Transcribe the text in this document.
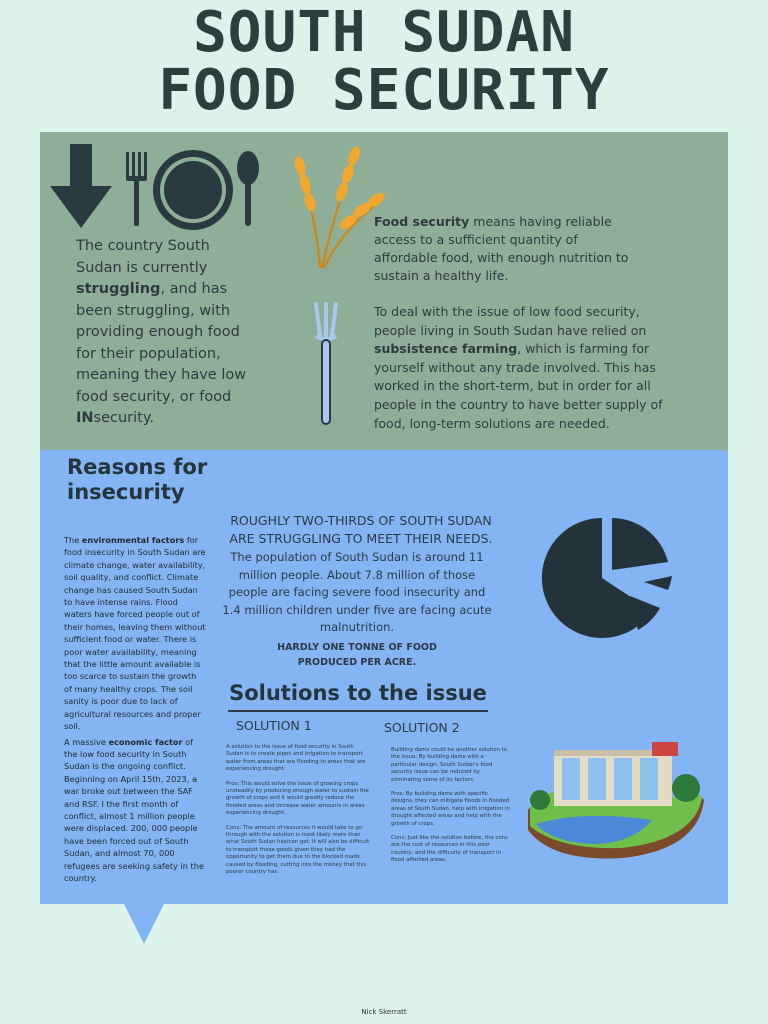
SOUTH SUDAN
FOOD SECURITY
The country South Sudan is currently struggling, and has been struggling, with providing enough food for their population, meaning they have low food security, or food INsecurity.
Food security means having reliable access to a sufficient quantity of affordable food, with enough nutrition to sustain a healthy life.
To deal with the issue of low food security, people living in South Sudan have relied on subsistence farming, which is farming for yourself without any trade involved. This has worked in the short-term, but in order for all people in the country to have better supply of food, long-term solutions are needed.
Reasons for insecurity

The environmental factors for food insecurity in South Sudan are climate change, water availability, soil quality, and conflict. Climate change has caused South Sudan to have intense rains. Flood waters have forced people out of their homes, leaving them without sufficient food or water. There is poor water availability, meaning that the little amount available is too scarce to sustain the growth of many healthy crops. The soil sanity is poor due to lack of agricultural resources and proper soil.

A massive economic factor of the low food security in South Sudan is the ongoing conflict. Beginning on April 15th, 2023, a war broke out between the SAF and RSF. I the first month of conflict, almost 1 million people were displaced. 200, 000 people have been forced out of South Sudan, and almost 70, 000 refugees are seeking safety in the country.

ROUGHLY TWO-THIRDS OF SOUTH SUDAN ARE STRUGGLING TO MEET THEIR NEEDS.
The population of South Sudan is around 11 million people. About 7.8 million of those people are facing severe food insecurity and 1.4 million children under five are facing acute malnutrition.
HARDLY ONE TONNE OF FOOD PRODUCED PER ACRE.
Solutions to the issue
SOLUTION 1	SOLUTION 2

A solution to the issue of food security in South Sudan is to create pipes and irrigation to transport water from areas that are flooding to areas that are experiencing drought.

Pros: This would solve the issue of growing crops unsteadily by producing enough water to sustain the growth of crops and it would greatly reduce the flooded areas and increase water amounts in areas experiencing drought.

Cons: The amount of resources it would take to go through with the solution is most likely more than what South Sudan has/can get. It will also be difficult to transport those goods given they had the opportunity to get them due to the blocked roads caused by flooding, cutting into the money that this poorer country has.

Building dams could be another solution to the issue. By building dams with a particular design, South Sudan's food security issue can be reduced by eliminating some of its factors.

Pros: By building dams with specific designs, they can mitigate floods in flooded areas of South Sudan, help with irrigation in drought affected areas and help with the growth of crops.

Cons: Just like the solution before, the cons are the cost of resources in this poor country, and the difficulty of transport in flood affected areas.

Nick Skerratt
